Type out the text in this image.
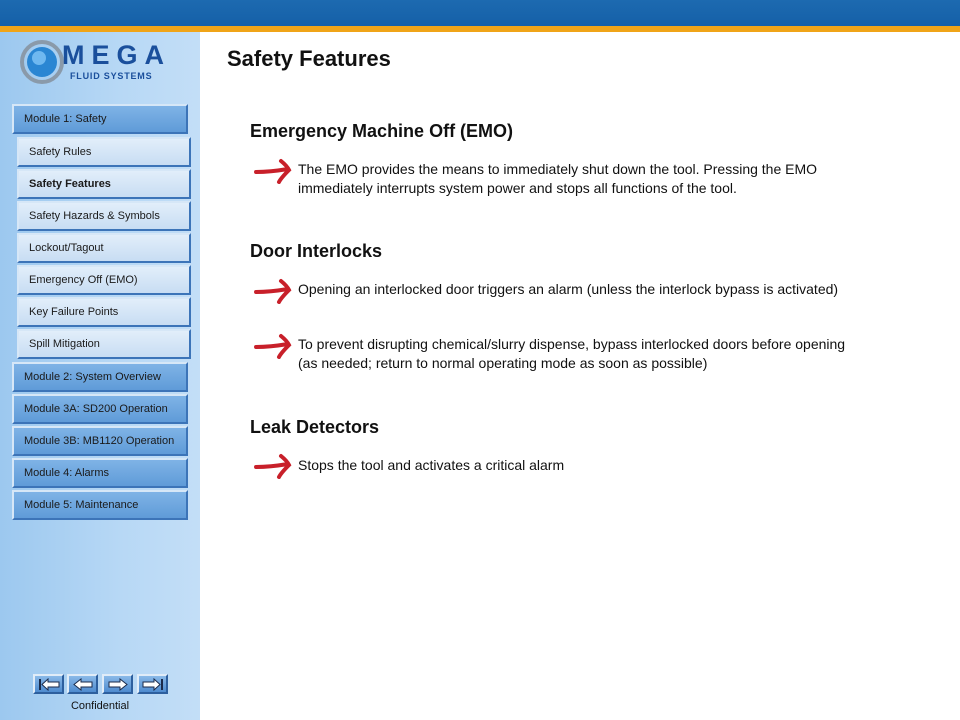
MEGA
FLUID SYSTEMS
Module 1: Safety
Safety Rules
Safety Features
Safety Hazards & Symbols
Lockout/Tagout
Emergency Off (EMO)
Key Failure Points
Spill Mitigation
Module 2: System Overview
Module 3A: SD200 Operation
Module 3B: MB1120 Operation
Module 4: Alarms
Module 5: Maintenance
Confidential
Safety Features
Emergency Machine Off (EMO)
The EMO provides the means to immediately shut down the tool. Pressing the EMO immediately interrupts system power and stops all functions of the tool.
Door Interlocks
Opening an interlocked door triggers an alarm (unless the interlock bypass is activated)
To prevent disrupting chemical/slurry dispense, bypass interlocked doors before opening (as needed; return to normal operating mode as soon as possible)
Leak Detectors
Stops the tool and activates a critical alarm
